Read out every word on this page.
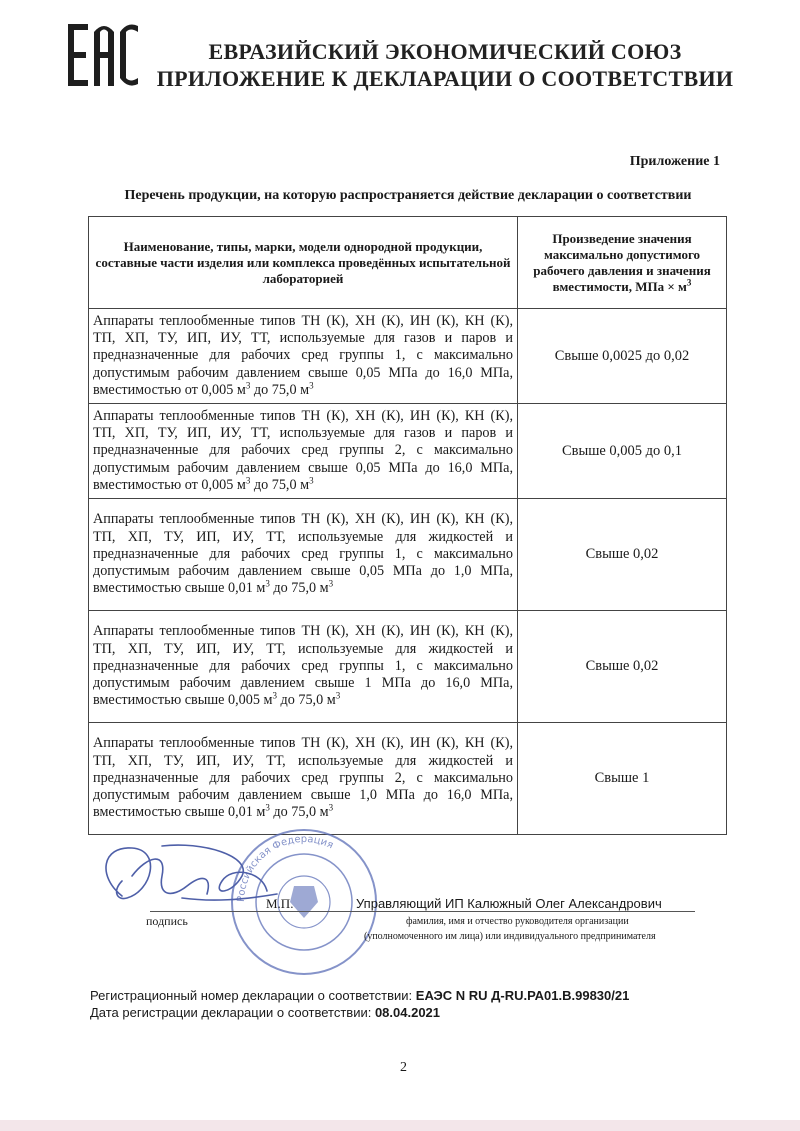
ЕВРАЗИЙСКИЙ ЭКОНОМИЧЕСКИЙ СОЮЗ
ПРИЛОЖЕНИЕ К ДЕКЛАРАЦИИ О СООТВЕТСТВИИ
Приложение 1
Перечень продукции, на которую распространяется действие декларации о соответствии
Наименование, типы, марки, модели однородной продукции, составные части изделия или комплекса проведённых испытательной лабораторией	Произведение значения максимально допустимого рабочего давления и значения вместимости, МПа × $м^3$
Аппараты теплообменные типов ТН (К), ХН (К), ИН (К), КН (К), ТП, ХП, ТУ, ИП, ИУ, ТТ, используемые для газов и паров и предназначенные для рабочих сред группы 1, с максимально допустимым рабочим давлением свыше 0,05 МПа до 16,0 МПа, вместимостью от 0,005 $м^3$ до 75,0 $м^3$	Свыше 0,0025 до 0,02
Аппараты теплообменные типов ТН (К), ХН (К), ИН (К), КН (К), ТП, ХП, ТУ, ИП, ИУ, ТТ, используемые для газов и паров и предназначенные для рабочих сред группы 2, с максимально допустимым рабочим давлением свыше 0,05 МПа до 16,0 МПа, вместимостью от 0,005 $м^3$ до 75,0 $м^3$	Свыше 0,005 до 0,1
Аппараты теплообменные типов ТН (К), ХН (К), ИН (К), КН (К), ТП, ХП, ТУ, ИП, ИУ, ТТ, используемые для жидкостей и предназначенные для рабочих сред группы 1, с максимально допустимым рабочим давлением свыше 0,05 МПа до 1,0 МПа, вместимостью свыше 0,01 $м^3$ до 75,0 $м^3$	Свыше 0,02
Аппараты теплообменные типов ТН (К), ХН (К), ИН (К), КН (К), ТП, ХП, ТУ, ИП, ИУ, ТТ, используемые для жидкостей и предназначенные для рабочих сред группы 1, с максимально допустимым рабочим давлением свыше 1 МПа до 16,0 МПа, вместимостью свыше 0,005 $м^3$ до 75,0 $м^3$	Свыше 0,02
Аппараты теплообменные типов ТН (К), ХН (К), ИН (К), КН (К), ТП, ХП, ТУ, ИП, ИУ, ТТ, используемые для жидкостей и предназначенные для рабочих сред группы 2, с максимально допустимым рабочим давлением свыше 1,0 МПа до 16,0 МПа, вместимостью свыше 0,01 $м^3$ до 75,0 $м^3$	Свыше 1
Российская Федерация
М.П.	Управляющий ИП Калюжный Олег Александрович
подпись	фамилия, имя и отчество руководителя организации
(уполномоченного им лица) или индивидуального предпринимателя
Регистрационный номер декларации о соответствии: ЕАЭС N RU Д-RU.РА01.В.99830/21
Дата регистрации декларации о соответствии: 08.04.2021
2
